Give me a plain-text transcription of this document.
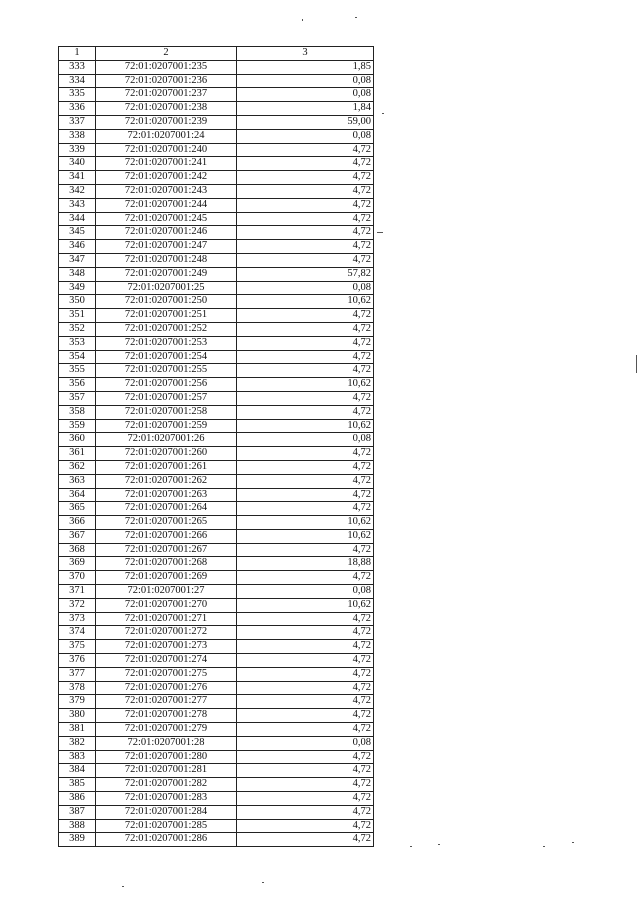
1	2	3
333	72:01:0207001:235	1,85
334	72:01:0207001:236	0,08
335	72:01:0207001:237	0,08
336	72:01:0207001:238	1,84
337	72:01:0207001:239	59,00
338	72:01:0207001:24	0,08
339	72:01:0207001:240	4,72
340	72:01:0207001:241	4,72
341	72:01:0207001:242	4,72
342	72:01:0207001:243	4,72
343	72:01:0207001:244	4,72
344	72:01:0207001:245	4,72
345	72:01:0207001:246	4,72
346	72:01:0207001:247	4,72
347	72:01:0207001:248	4,72
348	72:01:0207001:249	57,82
349	72:01:0207001:25	0,08
350	72:01:0207001:250	10,62
351	72:01:0207001:251	4,72
352	72:01:0207001:252	4,72
353	72:01:0207001:253	4,72
354	72:01:0207001:254	4,72
355	72:01:0207001:255	4,72
356	72:01:0207001:256	10,62
357	72:01:0207001:257	4,72
358	72:01:0207001:258	4,72
359	72:01:0207001:259	10,62
360	72:01:0207001:26	0,08
361	72:01:0207001:260	4,72
362	72:01:0207001:261	4,72
363	72:01:0207001:262	4,72
364	72:01:0207001:263	4,72
365	72:01:0207001:264	4,72
366	72:01:0207001:265	10,62
367	72:01:0207001:266	10,62
368	72:01:0207001:267	4,72
369	72:01:0207001:268	18,88
370	72:01:0207001:269	4,72
371	72:01:0207001:27	0,08
372	72:01:0207001:270	10,62
373	72:01:0207001:271	4,72
374	72:01:0207001:272	4,72
375	72:01:0207001:273	4,72
376	72:01:0207001:274	4,72
377	72:01:0207001:275	4,72
378	72:01:0207001:276	4,72
379	72:01:0207001:277	4,72
380	72:01:0207001:278	4,72
381	72:01:0207001:279	4,72
382	72:01:0207001:28	0,08
383	72:01:0207001:280	4,72
384	72:01:0207001:281	4,72
385	72:01:0207001:282	4,72
386	72:01:0207001:283	4,72
387	72:01:0207001:284	4,72
388	72:01:0207001:285	4,72
389	72:01:0207001:286	4,72
